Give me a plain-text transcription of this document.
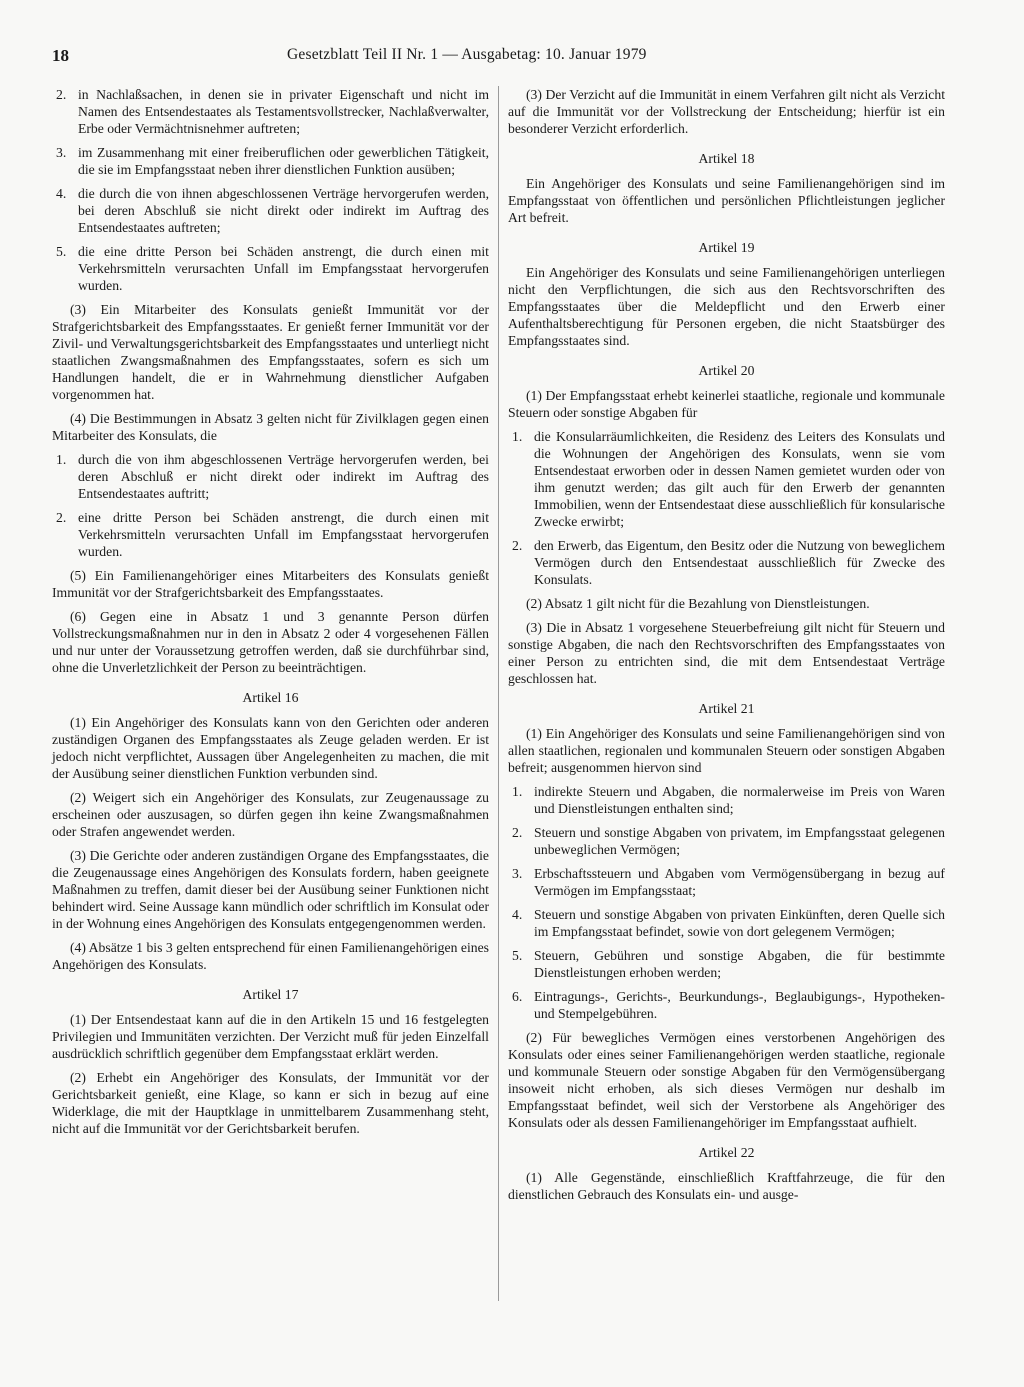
18	Gesetzblatt Teil II Nr. 1 — Ausgabetag: 10. Januar 1979
2. in Nachlaßsachen, in denen sie in privater Eigenschaft und nicht im Namen des Entsendestaates als Testamentsvollstrecker, Nachlaßverwalter, Erbe oder Vermächtnisnehmer auftreten;
3. im Zusammenhang mit einer freiberuflichen oder gewerblichen Tätigkeit, die sie im Empfangsstaat neben ihrer dienstlichen Funktion ausüben;
4. die durch die von ihnen abgeschlossenen Verträge hervorgerufen werden, bei deren Abschluß sie nicht direkt oder indirekt im Auftrag des Entsendestaates auftreten;
5. die eine dritte Person bei Schäden anstrengt, die durch einen mit Verkehrsmitteln verursachten Unfall im Empfangsstaat hervorgerufen wurden.

(3) Ein Mitarbeiter des Konsulats genießt Immunität vor der Strafgerichtsbarkeit des Empfangsstaates. Er genießt ferner Immunität vor der Zivil- und Verwaltungsgerichtsbarkeit des Empfangsstaates und unterliegt nicht staatlichen Zwangsmaßnahmen des Empfangsstaates, sofern es sich um Handlungen handelt, die er in Wahrnehmung dienstlicher Aufgaben vorgenommen hat.

(4) Die Bestimmungen in Absatz 3 gelten nicht für Zivilklagen gegen einen Mitarbeiter des Konsulats, die

1. durch die von ihm abgeschlossenen Verträge hervorgerufen werden, bei deren Abschluß er nicht direkt oder indirekt im Auftrag des Entsendestaates auftritt;
2. eine dritte Person bei Schäden anstrengt, die durch einen mit Verkehrsmitteln verursachten Unfall im Empfangsstaat hervorgerufen wurden.

(5) Ein Familienangehöriger eines Mitarbeiters des Konsulats genießt Immunität vor der Strafgerichtsbarkeit des Empfangsstaates.

(6) Gegen eine in Absatz 1 und 3 genannte Person dürfen Vollstreckungsmaßnahmen nur in den in Absatz 2 oder 4 vorgesehenen Fällen und nur unter der Voraussetzung getroffen werden, daß sie durchführbar sind, ohne die Unverletzlichkeit der Person zu beeinträchtigen.

Artikel 16

(1) Ein Angehöriger des Konsulats kann von den Gerichten oder anderen zuständigen Organen des Empfangsstaates als Zeuge geladen werden. Er ist jedoch nicht verpflichtet, Aussagen über Angelegenheiten zu machen, die mit der Ausübung seiner dienstlichen Funktion verbunden sind.

(2) Weigert sich ein Angehöriger des Konsulats, zur Zeugenaussage zu erscheinen oder auszusagen, so dürfen gegen ihn keine Zwangsmaßnahmen oder Strafen angewendet werden.

(3) Die Gerichte oder anderen zuständigen Organe des Empfangsstaates, die die Zeugenaussage eines Angehörigen des Konsulats fordern, haben geeignete Maßnahmen zu treffen, damit dieser bei der Ausübung seiner Funktionen nicht behindert wird. Seine Aussage kann mündlich oder schriftlich im Konsulat oder in der Wohnung eines Angehörigen des Konsulats entgegengenommen werden.

(4) Absätze 1 bis 3 gelten entsprechend für einen Familienangehörigen eines Angehörigen des Konsulats.

Artikel 17

(1) Der Entsendestaat kann auf die in den Artikeln 15 und 16 festgelegten Privilegien und Immunitäten verzichten. Der Verzicht muß für jeden Einzelfall ausdrücklich schriftlich gegenüber dem Empfangsstaat erklärt werden.

(2) Erhebt ein Angehöriger des Konsulats, der Immunität vor der Gerichtsbarkeit genießt, eine Klage, so kann er sich in bezug auf eine Widerklage, die mit der Hauptklage in unmittelbarem Zusammenhang steht, nicht auf die Immunität vor der Gerichtsbarkeit berufen.

(3) Der Verzicht auf die Immunität in einem Verfahren gilt nicht als Verzicht auf die Immunität vor der Vollstreckung der Entscheidung; hierfür ist ein besonderer Verzicht erforderlich.

Artikel 18

Ein Angehöriger des Konsulats und seine Familienangehörigen sind im Empfangsstaat von öffentlichen und persönlichen Pflichtleistungen jeglicher Art befreit.

Artikel 19

Ein Angehöriger des Konsulats und seine Familienangehörigen unterliegen nicht den Verpflichtungen, die sich aus den Rechtsvorschriften des Empfangsstaates über die Meldepflicht und den Erwerb einer Aufenthaltsberechtigung für Personen ergeben, die nicht Staatsbürger des Empfangsstaates sind.

Artikel 20

(1) Der Empfangsstaat erhebt keinerlei staatliche, regionale und kommunale Steuern oder sonstige Abgaben für

1. die Konsularräumlichkeiten, die Residenz des Leiters des Konsulats und die Wohnungen der Angehörigen des Konsulats, wenn sie vom Entsendestaat erworben oder in dessen Namen gemietet wurden oder von ihm genutzt werden; das gilt auch für den Erwerb der genannten Immobilien, wenn der Entsendestaat diese ausschließlich für konsularische Zwecke erwirbt;
2. den Erwerb, das Eigentum, den Besitz oder die Nutzung von beweglichem Vermögen durch den Entsendestaat ausschließlich für Zwecke des Konsulats.

(2) Absatz 1 gilt nicht für die Bezahlung von Dienstleistungen.

(3) Die in Absatz 1 vorgesehene Steuerbefreiung gilt nicht für Steuern und sonstige Abgaben, die nach den Rechtsvorschriften des Empfangsstaates von einer Person zu entrichten sind, die mit dem Entsendestaat Verträge geschlossen hat.

Artikel 21

(1) Ein Angehöriger des Konsulats und seine Familienangehörigen sind von allen staatlichen, regionalen und kommunalen Steuern oder sonstigen Abgaben befreit; ausgenommen hiervon sind

1. indirekte Steuern und Abgaben, die normalerweise im Preis von Waren und Dienstleistungen enthalten sind;
2. Steuern und sonstige Abgaben von privatem, im Empfangsstaat gelegenen unbeweglichen Vermögen;
3. Erbschaftssteuern und Abgaben vom Vermögensübergang in bezug auf Vermögen im Empfangsstaat;
4. Steuern und sonstige Abgaben von privaten Einkünften, deren Quelle sich im Empfangsstaat befindet, sowie von dort gelegenem Vermögen;
5. Steuern, Gebühren und sonstige Abgaben, die für bestimmte Dienstleistungen erhoben werden;
6. Eintragungs-, Gerichts-, Beurkundungs-, Beglaubigungs-, Hypotheken- und Stempelgebühren.

(2) Für bewegliches Vermögen eines verstorbenen Angehörigen des Konsulats oder eines seiner Familienangehörigen werden staatliche, regionale und kommunale Steuern oder sonstige Abgaben für den Vermögensübergang insoweit nicht erhoben, als sich dieses Vermögen nur deshalb im Empfangsstaat befindet, weil sich der Verstorbene als Angehöriger des Konsulats oder als dessen Familienangehöriger im Empfangsstaat aufhielt.

Artikel 22

(1) Alle Gegenstände, einschließlich Kraftfahrzeuge, die für den dienstlichen Gebrauch des Konsulats ein- und ausge-
